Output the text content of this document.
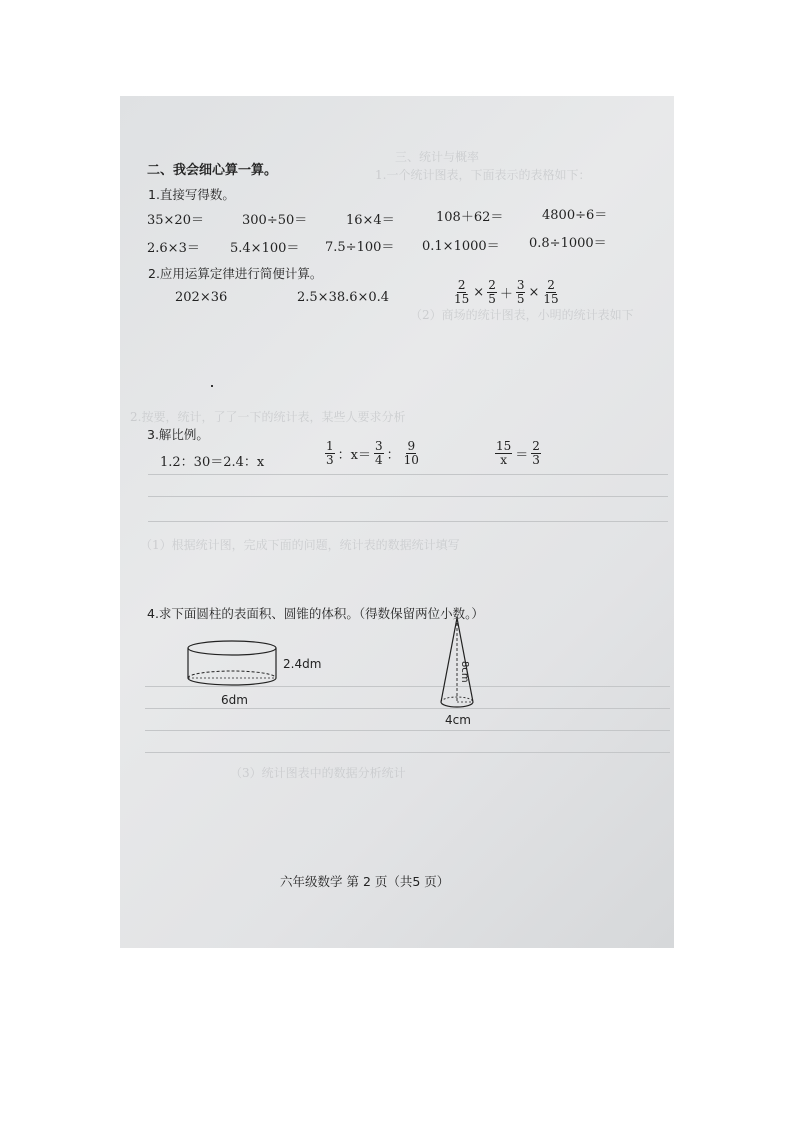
三、统计与概率
1.一个统计图表，下面表示的表格如下：
（2）商场的统计图表，小明的统计表如下
2.按要，统计，了了一下的统计表，某些人要求分析
（1）根据统计图，完成下面的问题，统计表的数据统计填写
（3）统计图表中的数据分析统计
二、我会细心算一算。
1.直接写得数。
35×20＝	300÷50＝	16×4＝	108＋62＝	4800÷6＝
2.6×3＝ 5.4×100＝ 7.5÷100＝ 0.1×1000＝ 0.8÷1000＝
2.应用运算定律进行简便计算。
202×36	2.5×38.6×0.4	$\frac{2}{15} \times \frac{2}{5} + \frac{3}{5} \times \frac{2}{15}$
3.解比例。
1.2：30＝2.4：x	$\frac{1}{3}$ ：$x= \frac{3}{4}$ ： $\frac{9}{10}$	$\frac{15}{x} = \frac{2}{3}$
4.求下面圆柱的表面积、圆锥的体积。（得数保留两位小数。）
2.4dm
6dm
8cm
4cm
六年级数学 第 2 页（共5 页）
